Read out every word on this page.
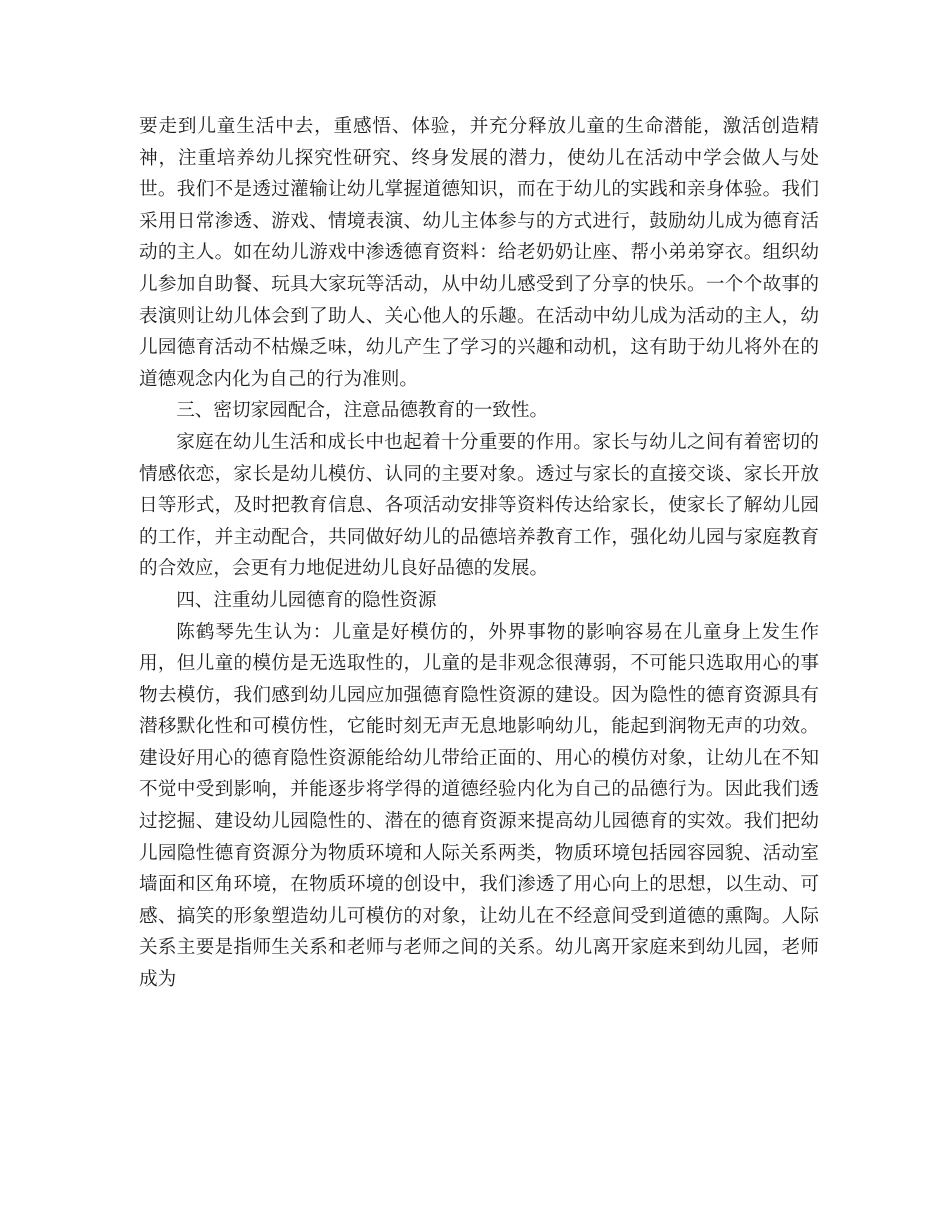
要走到儿童生活中去，重感悟、体验，并充分释放儿童的生命潜能，激活创造精神，注重培养幼儿探究性研究、终身发展的潜力，使幼儿在活动中学会做人与处世。我们不是透过灌输让幼儿掌握道德知识，而在于幼儿的实践和亲身体验。我们采用日常渗透、游戏、情境表演、幼儿主体参与的方式进行，鼓励幼儿成为德育活动的主人。如在幼儿游戏中渗透德育资料：给老奶奶让座、帮小弟弟穿衣。组织幼儿参加自助餐、玩具大家玩等活动，从中幼儿感受到了分享的快乐。一个个故事的表演则让幼儿体会到了助人、关心他人的乐趣。在活动中幼儿成为活动的主人，幼儿园德育活动不枯燥乏味，幼儿产生了学习的兴趣和动机，这有助于幼儿将外在的道德观念内化为自己的行为准则。

三、密切家园配合，注意品德教育的一致性。

家庭在幼儿生活和成长中也起着十分重要的作用。家长与幼儿之间有着密切的情感依恋，家长是幼儿模仿、认同的主要对象。透过与家长的直接交谈、家长开放日等形式，及时把教育信息、各项活动安排等资料传达给家长，使家长了解幼儿园的工作，并主动配合，共同做好幼儿的品德培养教育工作，强化幼儿园与家庭教育的合效应，会更有力地促进幼儿良好品德的发展。

四、注重幼儿园德育的隐性资源

陈鹤琴先生认为：儿童是好模仿的，外界事物的影响容易在儿童身上发生作用，但儿童的模仿是无选取性的，儿童的是非观念很薄弱，不可能只选取用心的事物去模仿，我们感到幼儿园应加强德育隐性资源的建设。因为隐性的德育资源具有潜移默化性和可模仿性，它能时刻无声无息地影响幼儿，能起到润物无声的功效。建设好用心的德育隐性资源能给幼儿带给正面的、用心的模仿对象，让幼儿在不知不觉中受到影响，并能逐步将学得的道德经验内化为自己的品德行为。因此我们透过挖掘、建设幼儿园隐性的、潜在的德育资源来提高幼儿园德育的实效。我们把幼儿园隐性德育资源分为物质环境和人际关系两类，物质环境包括园容园貌、活动室墙面和区角环境，在物质环境的创设中，我们渗透了用心向上的思想，以生动、可感、搞笑的形象塑造幼儿可模仿的对象，让幼儿在不经意间受到道德的熏陶。人际关系主要是指师生关系和老师与老师之间的关系。幼儿离开家庭来到幼儿园，老师成为
